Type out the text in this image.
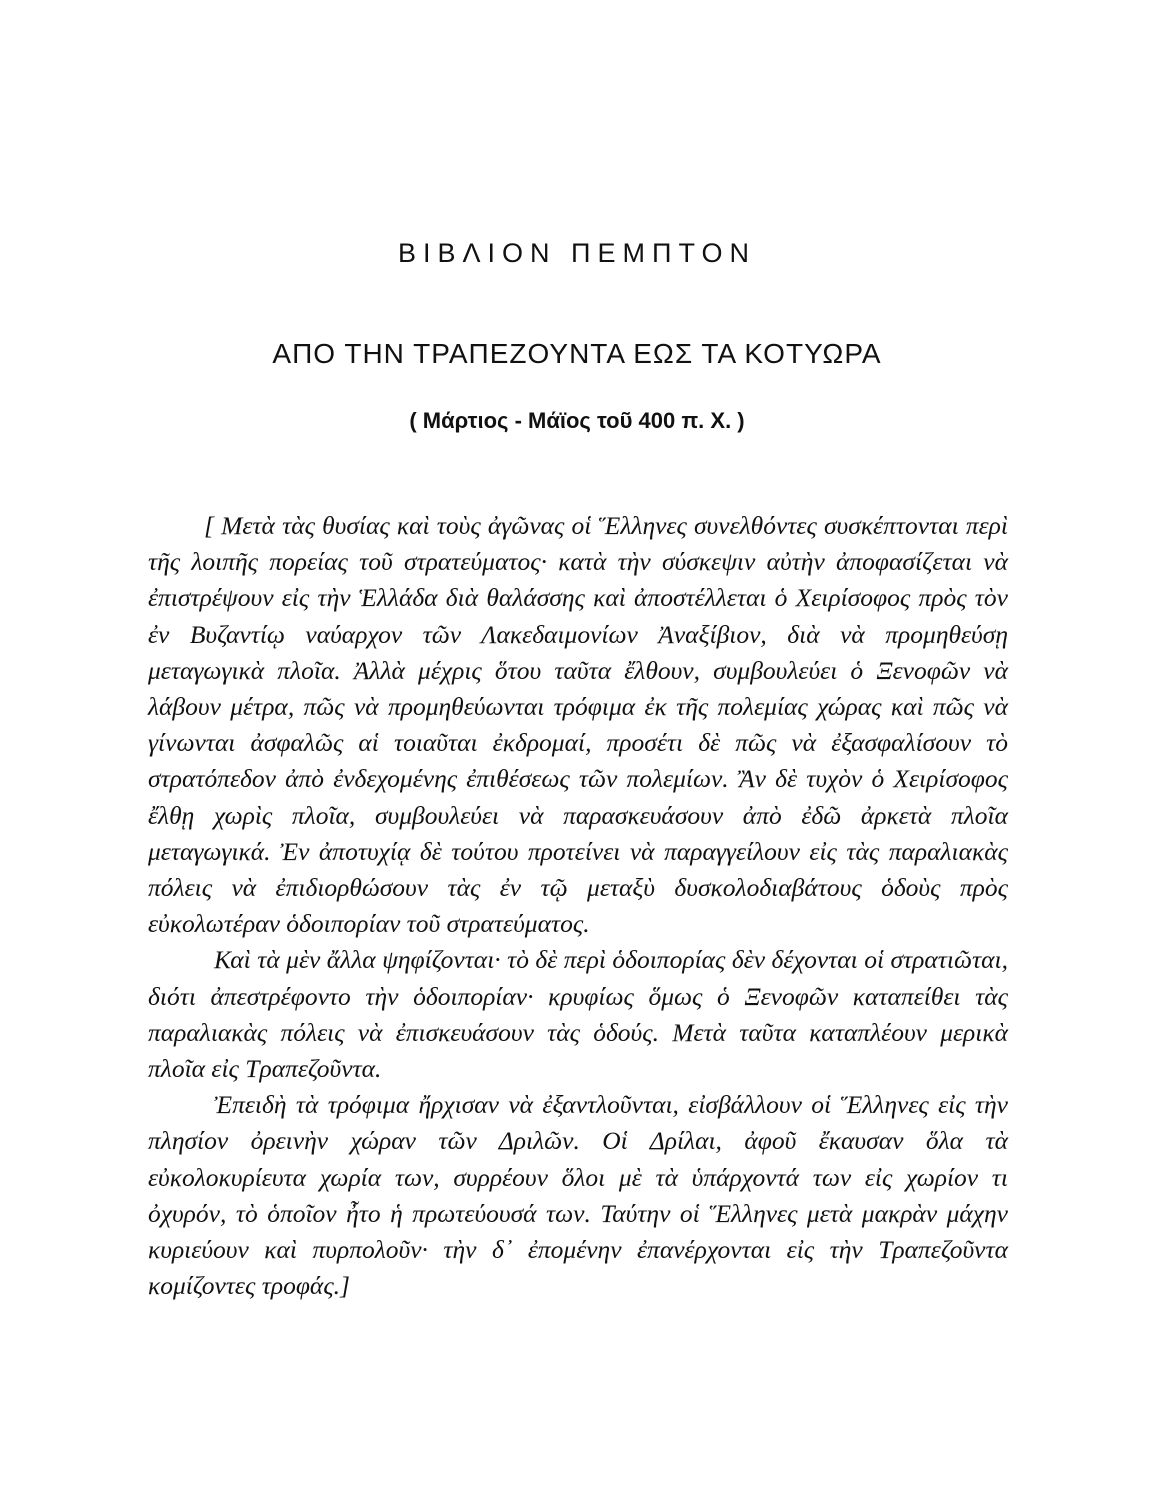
ΒΙΒΛΙΟΝ ΠΕΜΠΤΟΝ
ΑΠΟ ΤΗΝ ΤΡΑΠΕΖΟΥΝΤΑ ΕΩΣ ΤΑ ΚΟΤΥΩΡΑ
( Μάρτιος - Μάϊος τοῦ 400 π. Χ. )

[ Μετὰ τὰς θυσίας καὶ τοὺς ἀγῶνας οἱ Ἕλληνες συνελθόντες συσκέπτονται περὶ τῆς λοιπῆς πορείας τοῦ στρατεύματος· κατὰ τὴν σύσκεψιν αὐτὴν ἀποφασίζεται νὰ ἐπιστρέψουν εἰς τὴν Ἑλλάδα διὰ θαλάσσης καὶ ἀποστέλλεται ὁ Χειρίσοφος πρὸς τὸν ἐν Βυζαντίῳ ναύαρχον τῶν Λακεδαιμονίων Ἀναξίβιον, διὰ νὰ προμηθεύσῃ μεταγωγικὰ πλοῖα. Ἀλλὰ μέχρις ὅτου ταῦτα ἔλθουν, συμβουλεύει ὁ Ξενοφῶν νὰ λάβουν μέτρα, πῶς νὰ προμηθεύωνται τρόφιμα ἐκ τῆς πολεμίας χώρας καὶ πῶς νὰ γίνωνται ἀσφαλῶς αἱ τοιαῦται ἐκδρομαί, προσέτι δὲ πῶς νὰ ἐξασφαλίσουν τὸ στρατόπεδον ἀπὸ ἐνδεχομένης ἐπιθέσεως τῶν πολεμίων. Ἂν δὲ τυχὸν ὁ Χειρίσοφος ἔλθῃ χωρὶς πλοῖα, συμβουλεύει νὰ παρασκευάσουν ἀπὸ ἐδῶ ἀρκετὰ πλοῖα μεταγωγικά. Ἐν ἀποτυχίᾳ δὲ τούτου προτείνει νὰ παραγγείλουν εἰς τὰς παραλιακὰς πόλεις νὰ ἐπιδιορθώσουν τὰς ἐν τῷ μεταξὺ δυσκολοδιαβάτους ὁδοὺς πρὸς εὐκολωτέραν ὁδοιπορίαν τοῦ στρατεύματος.

Καὶ τὰ μὲν ἄλλα ψηφίζονται· τὸ δὲ περὶ ὁδοιπορίας δὲν δέχονται οἱ στρατιῶται, διότι ἀπεστρέφοντο τὴν ὁδοιπορίαν· κρυφίως ὅμως ὁ Ξενοφῶν καταπείθει τὰς παραλιακὰς πόλεις νὰ ἐπισκευάσουν τὰς ὁδούς. Μετὰ ταῦτα καταπλέουν μερικὰ πλοῖα εἰς Τραπεζοῦντα.

Ἐπειδὴ τὰ τρόφιμα ἤρχισαν νὰ ἐξαντλοῦνται, εἰσβάλλουν οἱ Ἕλληνες εἰς τὴν πλησίον ὀρεινὴν χώραν τῶν Δριλῶν. Οἱ Δρίλαι, ἀφοῦ ἔκαυσαν ὅλα τὰ εὐκολοκυρίευτα χωρία των, συρρέουν ὅλοι μὲ τὰ ὑπάρχοντά των εἰς χωρίον τι ὀχυρόν, τὸ ὁποῖον ἦτο ἡ πρωτεύουσά των. Ταύτην οἱ Ἕλληνες μετὰ μακρὰν μάχην κυριεύουν καὶ πυρπολοῦν· τὴν δ᾽ ἐπομένην ἐπανέρχονται εἰς τὴν Τραπεζοῦντα κομίζοντες τροφάς.]
